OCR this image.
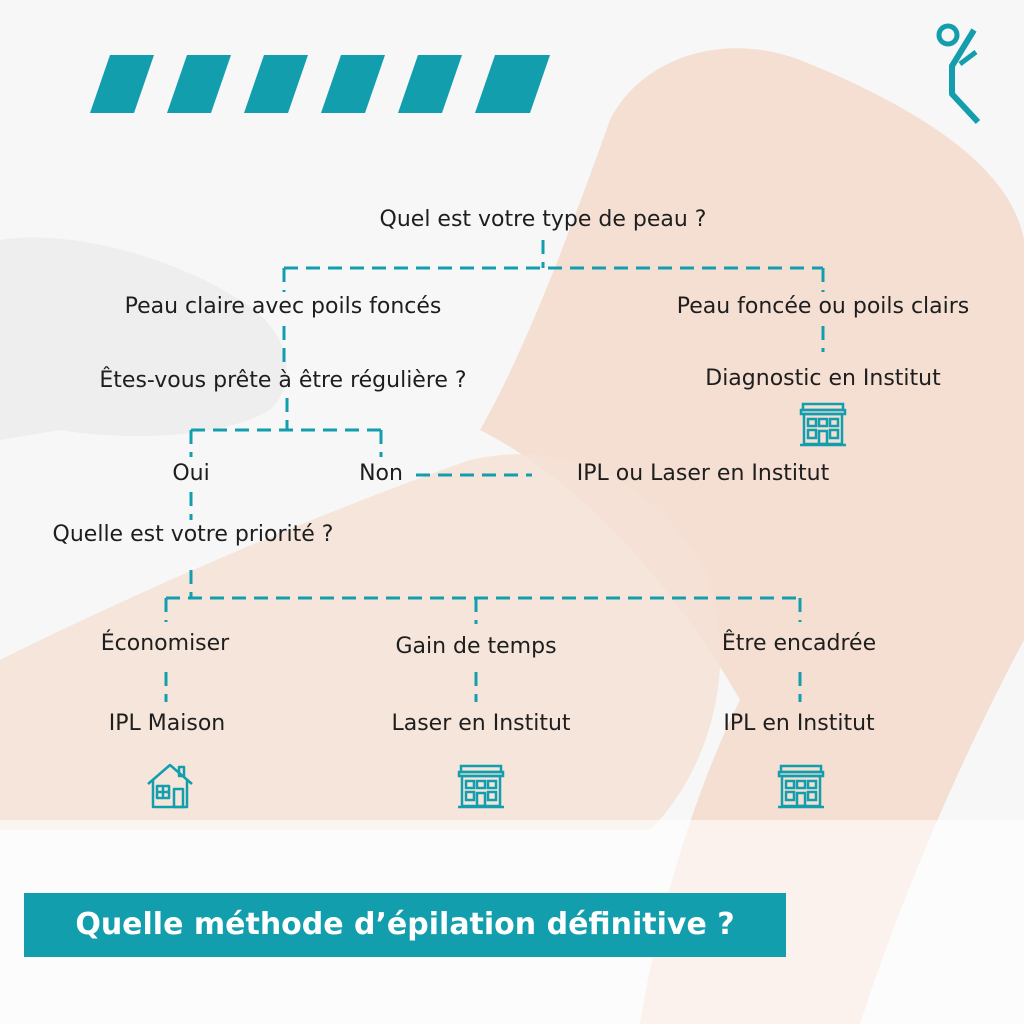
Quel est votre type de peau ?
Peau claire avec poils foncés	Peau foncée ou poils clairs
Êtes-vous prête à être régulière ?	Diagnostic en Institut
Oui	Non	IPL ou Laser en Institut
Quelle est votre priorité ?
Économiser	Gain de temps	Être encadrée
IPL Maison	Laser en Institut	IPL en Institut
Quelle méthode d’épilation définitive ?
